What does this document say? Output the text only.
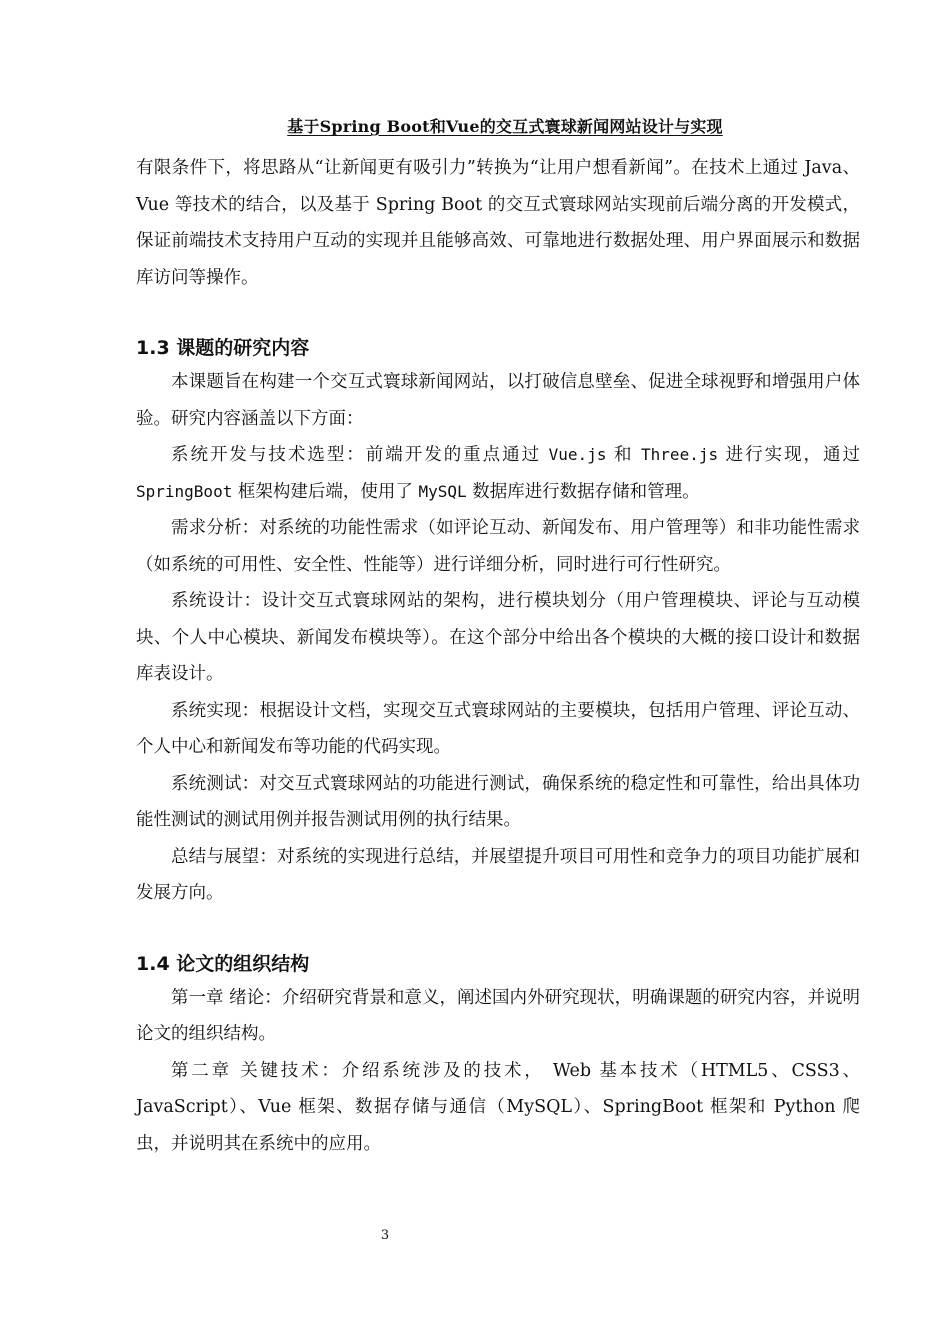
基于Spring Boot和Vue的交互式寰球新闻网站设计与实现

有限条件下，将思路从“让新闻更有吸引力”转换为“让用户想看新闻”。在技术上通过 Java、Vue 等技术的结合，以及基于 Spring Boot 的交互式寰球网站实现前后端分离的开发模式，保证前端技术支持用户互动的实现并且能够高效、可靠地进行数据处理、用户界面展示和数据库访问等操作。

1.3 课题的研究内容

本课题旨在构建一个交互式寰球新闻网站，以打破信息壁垒、促进全球视野和增强用户体验。研究内容涵盖以下方面：

系统开发与技术选型：前端开发的重点通过 Vue.js 和 Three.js 进行实现，通过 SpringBoot 框架构建后端，使用了 MySQL 数据库进行数据存储和管理。

需求分析：对系统的功能性需求（如评论互动、新闻发布、用户管理等）和非功能性需求（如系统的可用性、安全性、性能等）进行详细分析，同时进行可行性研究。

系统设计：设计交互式寰球网站的架构，进行模块划分（用户管理模块、评论与互动模块、个人中心模块、新闻发布模块等）。在这个部分中给出各个模块的大概的接口设计和数据库表设计。

系统实现：根据设计文档，实现交互式寰球网站的主要模块，包括用户管理、评论互动、个人中心和新闻发布等功能的代码实现。

系统测试：对交互式寰球网站的功能进行测试，确保系统的稳定性和可靠性，给出具体功能性测试的测试用例并报告测试用例的执行结果。

总结与展望：对系统的实现进行总结，并展望提升项目可用性和竞争力的项目功能扩展和发展方向。

1.4 论文的组织结构

第一章 绪论：介绍研究背景和意义，阐述国内外研究现状，明确课题的研究内容，并说明论文的组织结构。

第二章 关键技术：介绍系统涉及的技术， Web 基本技术（HTML5、CSS3、JavaScript）、Vue 框架、数据存储与通信（MySQL）、SpringBoot 框架和 Python 爬虫，并说明其在系统中的应用。

3
